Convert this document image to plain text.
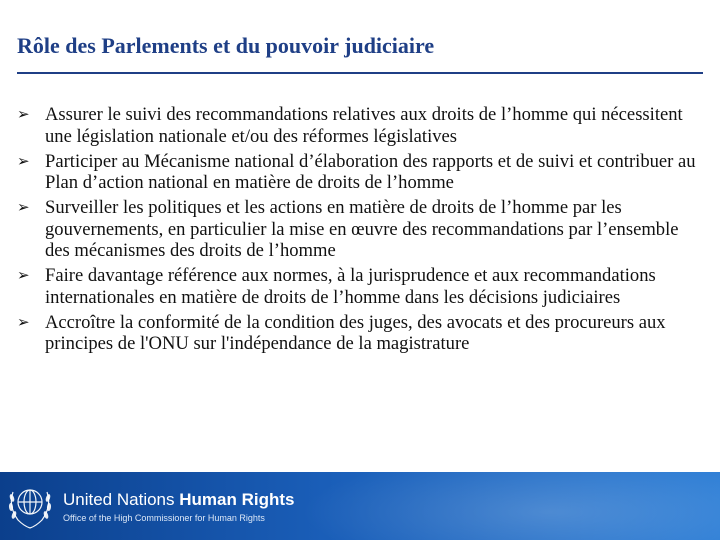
Rôle des Parlements et du pouvoir judiciaire
➢ Assurer le suivi des recommandations relatives aux droits de l’homme qui nécessitent une législation nationale et/ou des réformes législatives
➢ Participer au Mécanisme national d’élaboration des rapports et de suivi et contribuer au Plan d’action national en matière de droits de l’homme
➢ Surveiller les politiques et les actions en matière de droits de l’homme par les gouvernements, en particulier la mise en œuvre des recommandations par l’ensemble des mécanismes des droits de l’homme
➢ Faire davantage référence aux normes, à la jurisprudence et aux recommandations internationales en matière de droits de l’homme dans les décisions judiciaires
➢ Accroître la conformité de la condition des juges, des avocats et des procureurs aux principes de l'ONU sur l'indépendance de la magistrature
United Nations Human Rights
Office of the High Commissioner for Human Rights
